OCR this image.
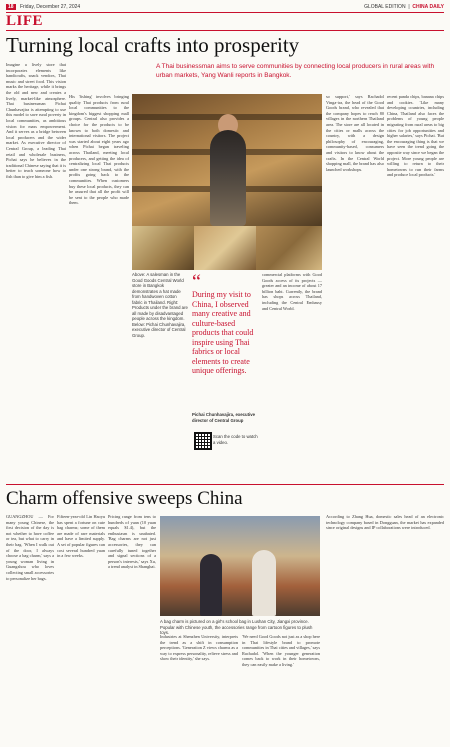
18 Friday, December 27, 2024	GLOBAL EDITION  |  CHINA DAILY
LIFE
Turning local crafts into prosperity
A Thai businessman aims to serve communities by connecting local producers in rural areas with urban markets, Yang Wanli reports in Bangkok.
Imagine a lively store that incorporates elements like handicrafts, snack vendors, Thai music and street food. This vision marks the heritage, while it brings the old and new and creates a lively, market-like atmosphere. Thai businessman Pichai Chunhavajira is attempting to use this model to save rural poverty in local communities, as ambitious vision for mass empowerment. And it serves as a bridge between local producers and the wider market. As executive director of Central Group, a leading Thai retail and wholesale business, Pichai says he believes in the traditional Chinese saying that it is better to teach someone how to fish than to give him a fish.
His 'fishing' involves bringing quality Thai products from rural local communities to the kingdom's biggest shopping mall groups. Central also provides a choice for the products to be known to both domestic and international visitors. The project was started about eight years ago when Pichai began traveling across Thailand, meeting local producers, and getting the idea of centralizing local Thai products under one strong brand, with the profits going back to the communities. When customers buy these local products, they can be assured that all the profit will be sent to the people who made them.
commercial platforms with Good Goods access of its projects — greater and an income of about 17 billion baht. Currently, the brand has shops across Thailand, including the Central Embassy and Central World.
so support,' says Rachadol Vinga-ira, the head of the Good Goods brand, who revealed that the company hopes to reach 80 villages in the northern Thailand area. The store are all located in the cities or malls across the country, with a design philosophy of encouraging, community-based, consumers and visitors to know about the crafts. In the Central World shopping mall, the brand has also launched workshops.
recent panda chips, banana chips and cookies. 'Like many developing countries, including China, Thailand also faces the problems of young people migrating from rural areas to big cities for job opportunities and higher salaries,' says Pichai. 'But the encouraging thing is that we have seen the trend going the opposite way since we began the project. More young people are willing to return to their hometowns to run their farms and produce local products.'
Above: A salesman in the Good Goods Central World store in Bangkok demonstrates a hat made from handwoven cotton fabric in Thailand. Right: Products under the brand are all made by disadvantaged people across the kingdom. Below: Pichai Chunhavajira, executive director of Central Group.
“
During my visit to China, I observed many creative and culture-based products that could inspire using Thai fabrics or local elements to create unique offerings.
Pichai Chunhavajira, executive director of Central Group
Scan the code to watch a video.
Charm offensive sweeps China
GUANGZHOU — For many young Chinese, the first decision of the day is not whether to have coffee or tea, but what to carry in their bag. 'When I walk out of the door, I always choose a bag charm,' says a young woman living in Guangzhou who loves collecting small accessories to personalize her bags.
Fifteen-year-old Lin Haoyu has spent a fortune on cute bag charms; some of them are made of rare materials and have a limited supply. A set of popular figures can cost several hundred yuan in a few weeks.
Pricing range from tens to hundreds of yuan (10 yuan equals $1.4), but the enthusiasm is unabated. 'Bag charms are not just accessories, they can carefully tuned together and signal sections of a person's interests,' says Xu, a trend analyst in Shanghai.
Industries at Shenzhen University, interprets the trend as a shift in consumption perceptions. 'Generation Z views charms as a way to express personality, relieve stress and show their identity,' she says.
'We need Good Goods not just as a shop here in Thai lifestyle brand to promote communities in Thai cities and villages,' says Rachadol. 'When the younger generation comes back to work in their hometowns, they can easily make a living.'
According to Zhang Hua, domestic sales head of an electronic technology company based in Dongguan, the market has expanded since original designs and IP collaborations were introduced.
A bag charm is pictured on a girl's school bag in Lushan City, Jiangxi province. Popular with Chinese youth, the accessories range from cartoon figures to plush toys.
